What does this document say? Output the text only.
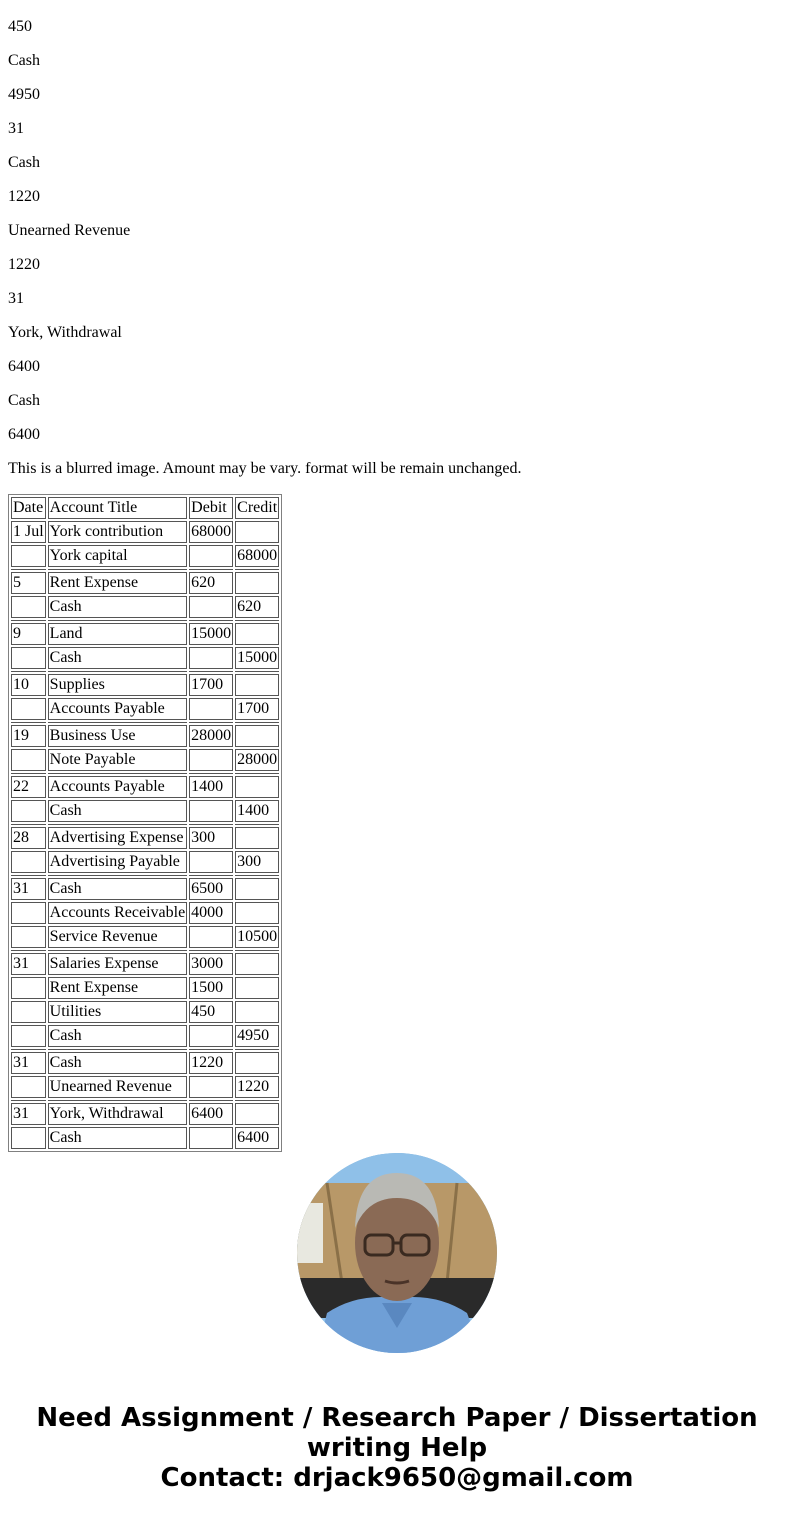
450
Cash
4950
31
Cash
1220
Unearned Revenue
1220
31
York, Withdrawal
6400
Cash
6400
This is a blurred image. Amount may be vary. format will be remain unchanged.
Date	Account Title	Debit	Credit
1 Jul	York contribution	68000	
	York capital		68000

5	Rent Expense	620	
	Cash		620

9	Land	15000	
	Cash		15000

10	Supplies	1700	
	Accounts Payable		1700

19	Business Use	28000	
	Note Payable		28000

22	Accounts Payable	1400	
	Cash		1400

28	Advertising Expense	300	
	Advertising Payable		300

31	Cash	6500	
	Accounts Receivable	4000	
	Service Revenue		10500

31	Salaries Expense	3000	
	Rent Expense	1500	
	Utilities	450	
	Cash		4950

31	Cash	1220	
	Unearned Revenue		1220

31	York, Withdrawal	6400	
	Cash		6400
Need Assignment / Research Paper / Dissertation
writing Help
Contact: drjack9650@gmail.com
